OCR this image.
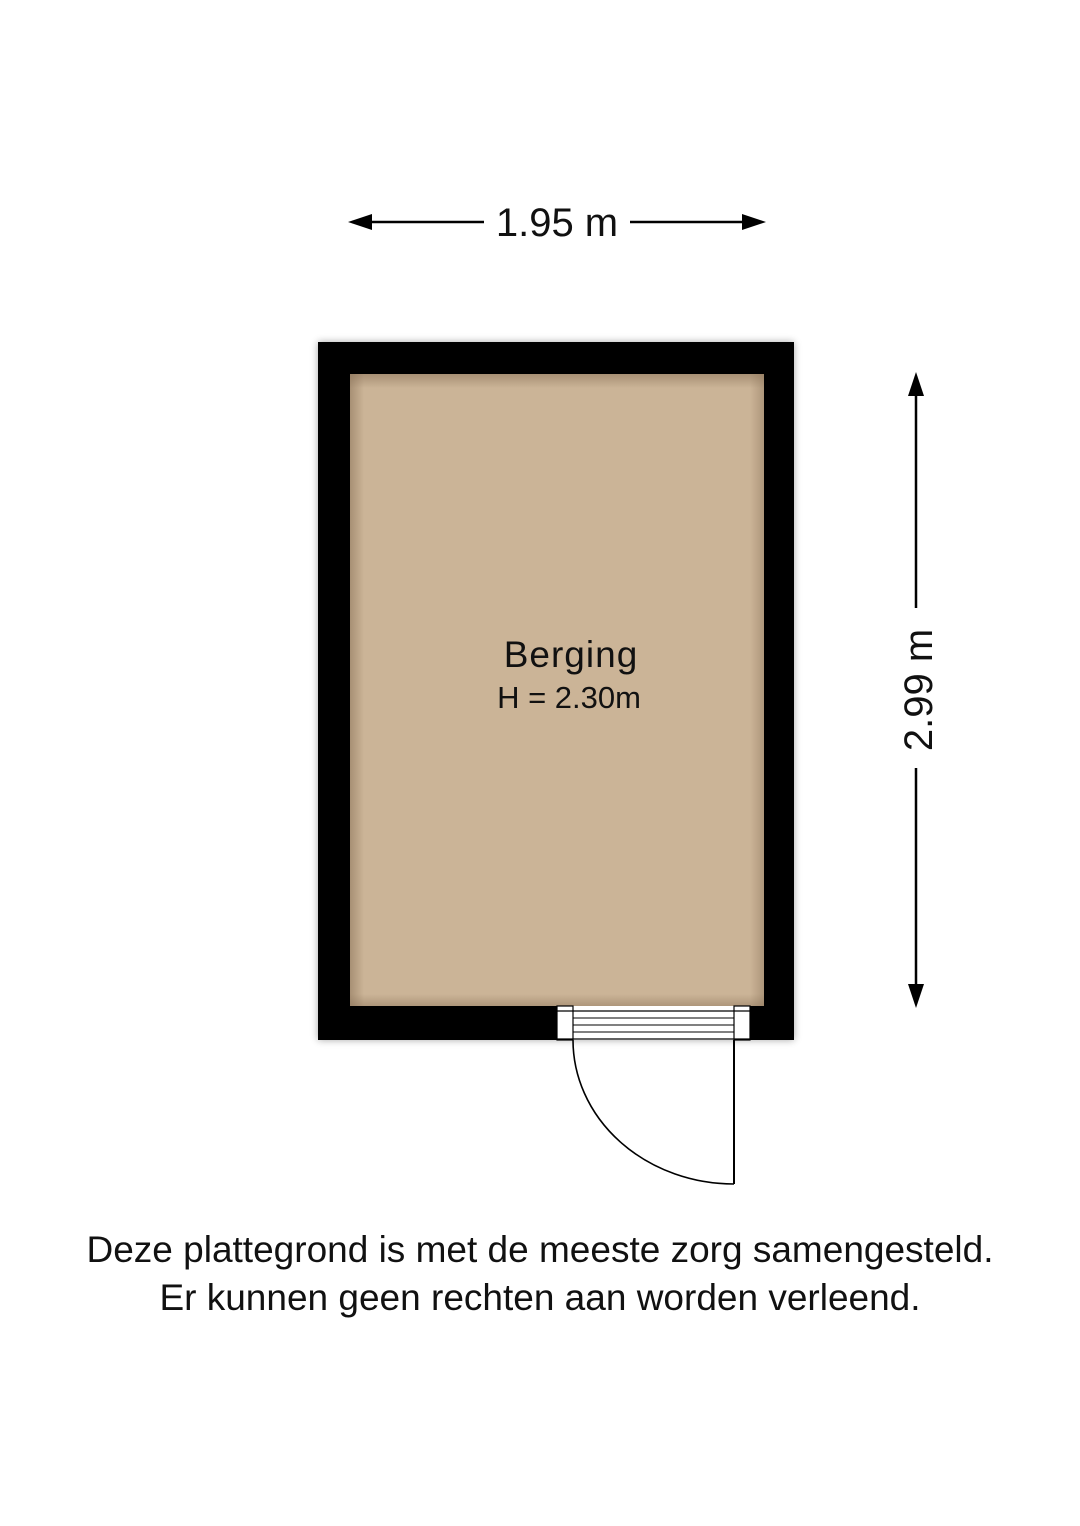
1.95 m
2.99 m
Berging
H = 2.30m
Deze plattegrond is met de meeste zorg samengesteld.
Er kunnen geen rechten aan worden verleend.
